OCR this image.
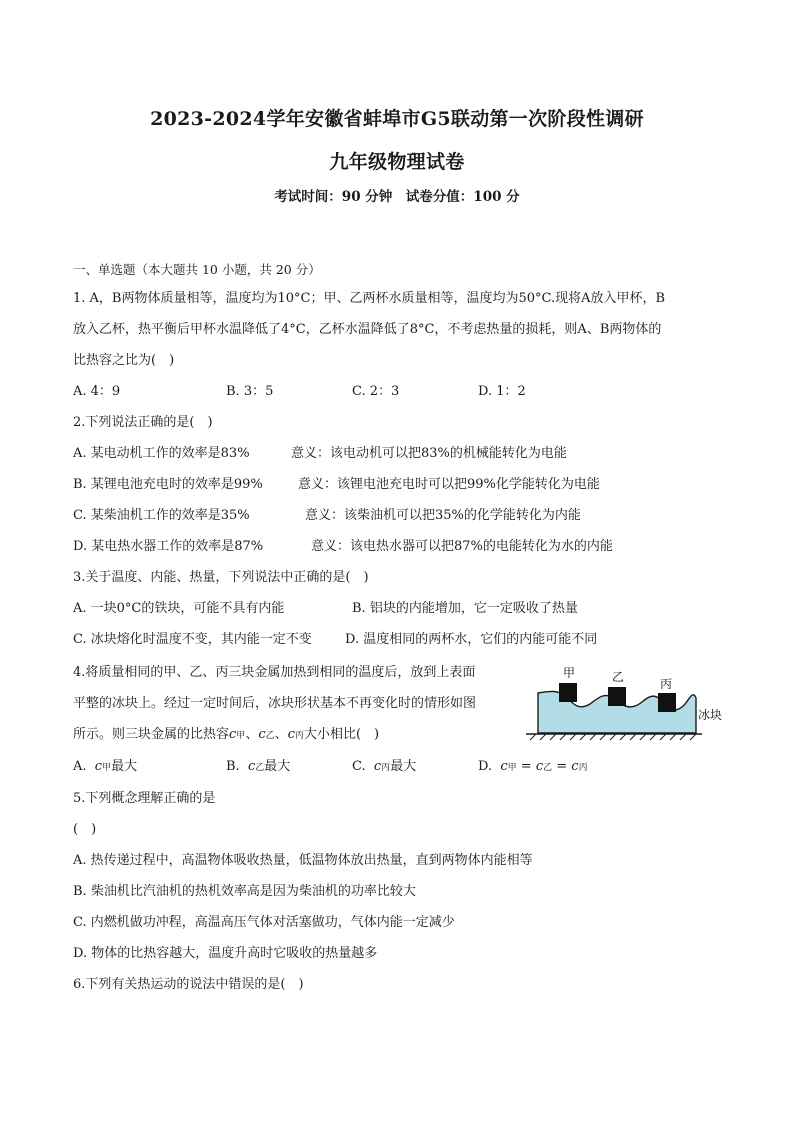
2023-2024学年安徽省蚌埠市G5联动第一次阶段性调研
九年级物理试卷
考试时间：90 分钟　试卷分值：100 分
一、单选题（本大题共 10 小题，共 20 分）
1. A，B两物体质量相等，温度均为10°C；甲、乙两杯水质量相等，温度均为50°C.现将A放入甲杯，B
放入乙杯，热平衡后甲杯水温降低了4°C，乙杯水温降低了8°C，不考虑热量的损耗，则A、B两物体的
比热容之比为(　)
A. 4：9	B. 3：5	C. 2：3	D. 1：2
2.下列说法正确的是(　)
A. 某电动机工作的效率是83%	意义：该电动机可以把83%的机械能转化为电能
B. 某锂电池充电时的效率是99%	意义：该锂电池充电时可以把99%化学能转化为电能
C. 某柴油机工作的效率是35%	意义：该柴油机可以把35%的化学能转化为内能
D. 某电热水器工作的效率是87%	意义：该电热水器可以把87%的电能转化为水的内能
3.关于温度、内能、热量，下列说法中正确的是(　)
A. 一块0°C的铁块，可能不具有内能	B. 铝块的内能增加，它一定吸收了热量
C. 冰块熔化时温度不变，其内能一定不变	D. 温度相同的两杯水，它们的内能可能不同
4.将质量相同的甲、乙、丙三块金属加热到相同的温度后，放到上表面
平整的冰块上。经过一定时间后，冰块形状基本不再变化时的情形如图
所示。则三块金属的比热容c甲、c乙、c丙大小相比(　)
A. c甲最大	B. c乙最大	C. c丙最大	D. c甲 = c乙 = c丙
甲	乙	丙
冰块
5.下列概念理解正确的是
(　)
A. 热传递过程中，高温物体吸收热量，低温物体放出热量，直到两物体内能相等
B. 柴油机比汽油机的热机效率高是因为柴油机的功率比较大
C. 内燃机做功冲程，高温高压气体对活塞做功，气体内能一定减少
D. 物体的比热容越大，温度升高时它吸收的热量越多
6.下列有关热运动的说法中错误的是(　)
